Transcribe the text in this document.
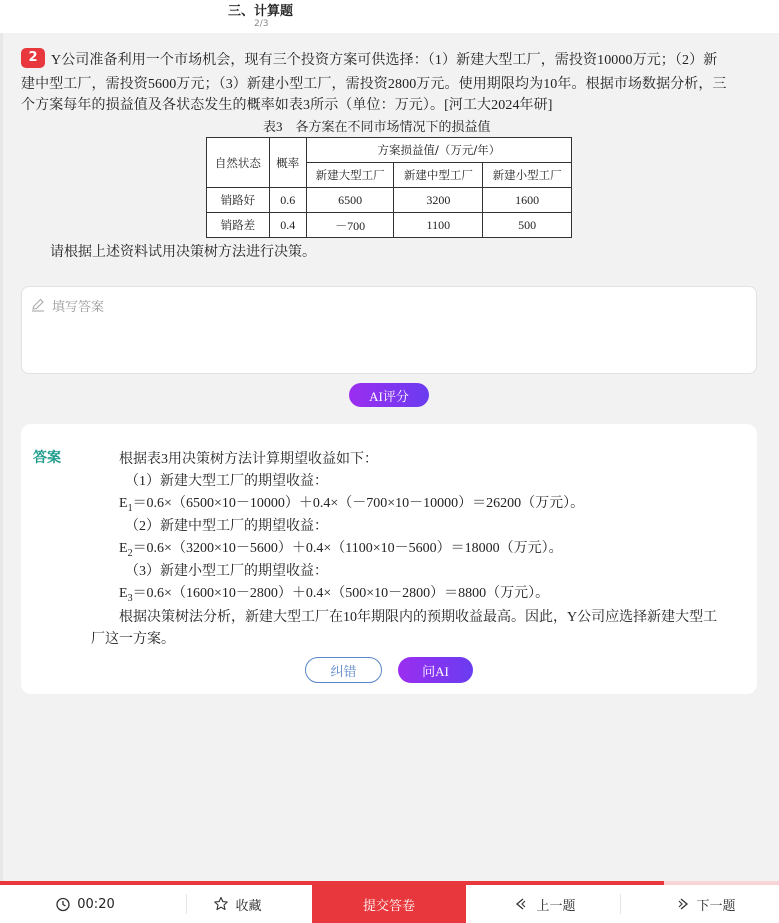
三、计算题
2/3
2 Y公司准备利用一个市场机会，现有三个投资方案可供选择：（1）新建大型工厂，需投资10000万元；（2）新
建中型工厂，需投资5600万元；（3）新建小型工厂，需投资2800万元。使用期限均为10年。根据市场数据分析，三
个方案每年的损益值及各状态发生的概率如表3所示（单位：万元）。[河工大2024年研]
表3　各方案在不同市场情况下的损益值
自然状态	概率	方案损益值/（万元/年）		
		新建大型工厂	新建中型工厂	新建小型工厂
销路好	0.6	6500	3200	1600
销路差	0.4	－700	1100	500
请根据上述资料试用决策树方法进行决策。
填写答案
AI评分
答案	根据表3用决策树方法计算期望收益如下：
（1）新建大型工厂的期望收益：
$E_1=0.6\times(6500\times 10-10000)+0.4\times(-700\times 10-10000)=26200$（万元）。
（2）新建中型工厂的期望收益：
$E_2=0.6\times(3200\times 10-5600)+0.4\times(1100\times 10-5600)=18000$（万元）。
（3）新建小型工厂的期望收益：
$E_3=0.6\times(1600\times 10-2800)+0.4\times(500\times 10-2800)=8800$（万元）。
根据决策树法分析，新建大型工厂在10年期限内的预期收益最高。因此，Y公司应选择新建大型工
厂这一方案。
纠错	问AI
00:20	收藏	提交答卷	上一题	下一题
